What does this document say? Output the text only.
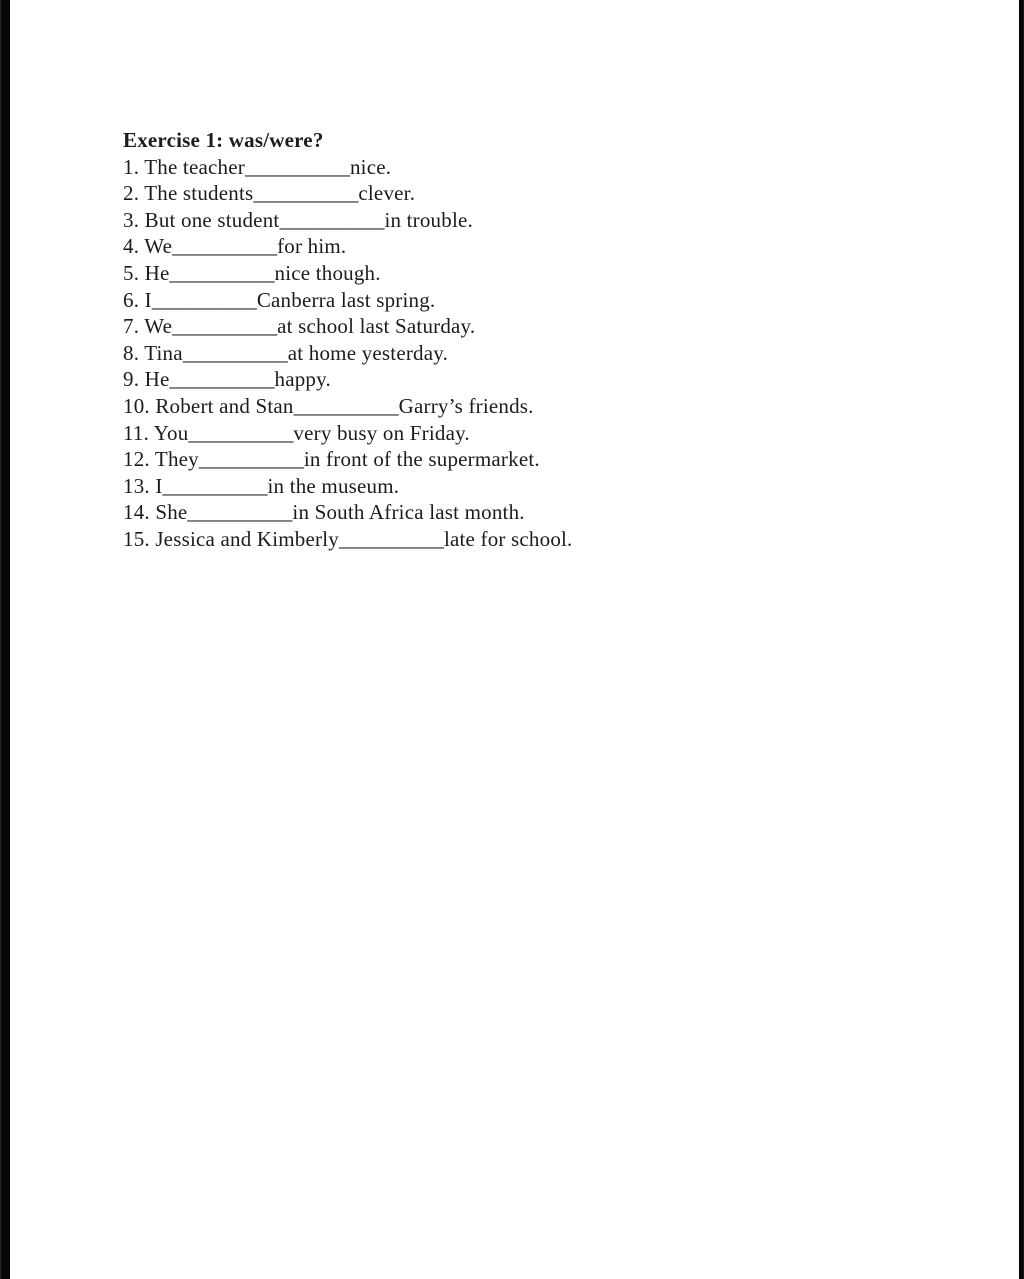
Exercise 1: was/were?
1. The teacher__________nice.
2. The students__________clever.
3. But one student__________in trouble.
4. We__________for him.
5. He__________nice though.
6. I__________Canberra last spring.
7. We__________at school last Saturday.
8. Tina__________at home yesterday.
9. He__________happy.
10. Robert and Stan__________Garry’s friends.
11. You__________very busy on Friday.
12. They__________in front of the supermarket.
13. I__________in the museum.
14. She__________in South Africa last month.
15. Jessica and Kimberly__________late for school.
